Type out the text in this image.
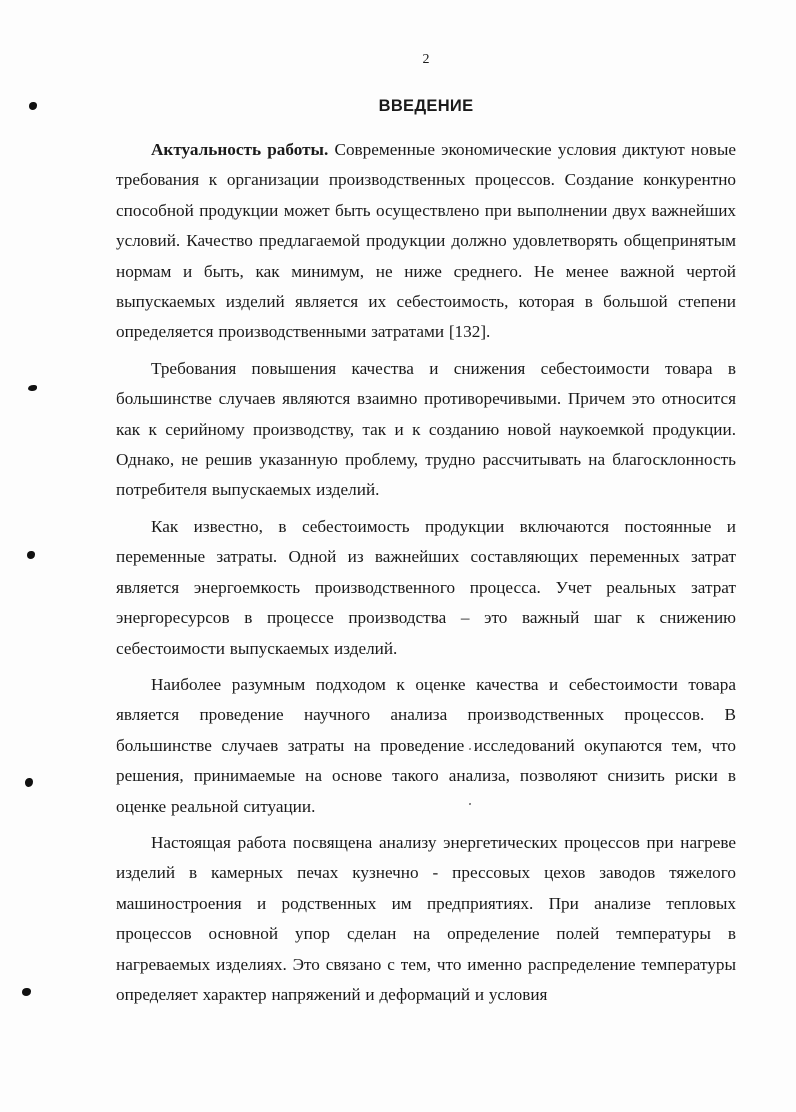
2
ВВЕДЕНИЕ

Актуальность работы. Современные экономические условия диктуют новые требования к организации производственных процессов. Создание конкурентно способной продукции может быть осуществлено при выполнении двух важнейших условий. Качество предлагаемой продукции должно удовлетворять общепринятым нормам и быть, как минимум, не ниже среднего. Не менее важной чертой выпускаемых изделий является их себестоимость, которая в большой степени определяется производственными затратами [132].

Требования повышения качества и снижения себестоимости товара в большинстве случаев являются взаимно противоречивыми. Причем это относится как к серийному производству, так и к созданию новой наукоемкой продукции. Однако, не решив указанную проблему, трудно рассчитывать на благосклонность потребителя выпускаемых изделий.

Как известно, в себестоимость продукции включаются постоянные и переменные затраты. Одной из важнейших составляющих переменных затрат является энергоемкость производственного процесса. Учет реальных затрат энергоресурсов в процессе производства – это важный шаг к снижению себестоимости выпускаемых изделий.

Наиболее разумным подходом к оценке качества и себестоимости товара является проведение научного анализа производственных процессов. В большинстве случаев затраты на проведение исследований окупаются тем, что решения, принимаемые на основе такого анализа, позволяют снизить риски в оценке реальной ситуации.

Настоящая работа посвящена анализу энергетических процессов при нагреве изделий в камерных печах кузнечно - прессовых цехов заводов тяжелого машиностроения и родственных им предприятиях. При анализе тепловых процессов основной упор сделан на определение полей температуры в нагреваемых изделиях. Это связано с тем, что именно распределение температуры определяет характер напряжений и деформаций и условия
